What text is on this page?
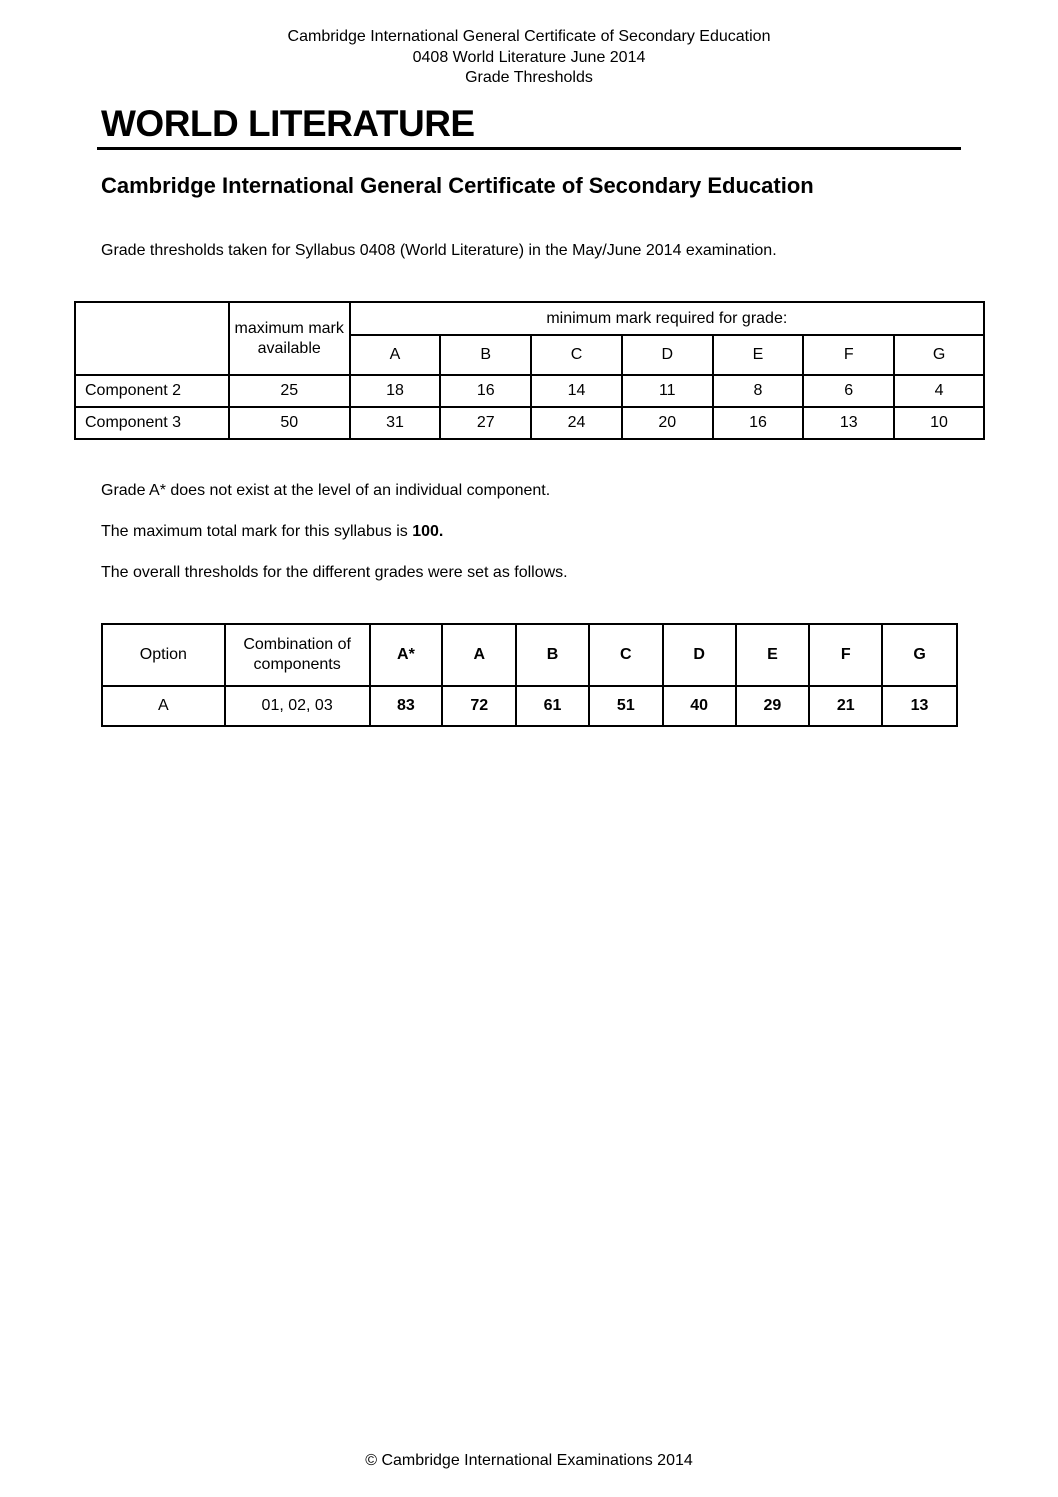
Cambridge International General Certificate of Secondary Education
0408 World Literature June 2014
Grade Thresholds
WORLD LITERATURE
Cambridge International General Certificate of Secondary Education
Grade thresholds taken for Syllabus 0408 (World Literature) in the May/June 2014 examination.
	maximum mark available	minimum mark required for grade:						
		A	B	C	D	E	F	G
Component 2	25	18	16	14	11	8	6	4
Component 3	50	31	27	24	20	16	13	10
Grade A* does not exist at the level of an individual component.
The maximum total mark for this syllabus is 100.
The overall thresholds for the different grades were set as follows.
Option	Combination of components	A*	A	B	C	D	E	F	G
A	01, 02, 03	83	72	61	51	40	29	21	13
© Cambridge International Examinations 2014
